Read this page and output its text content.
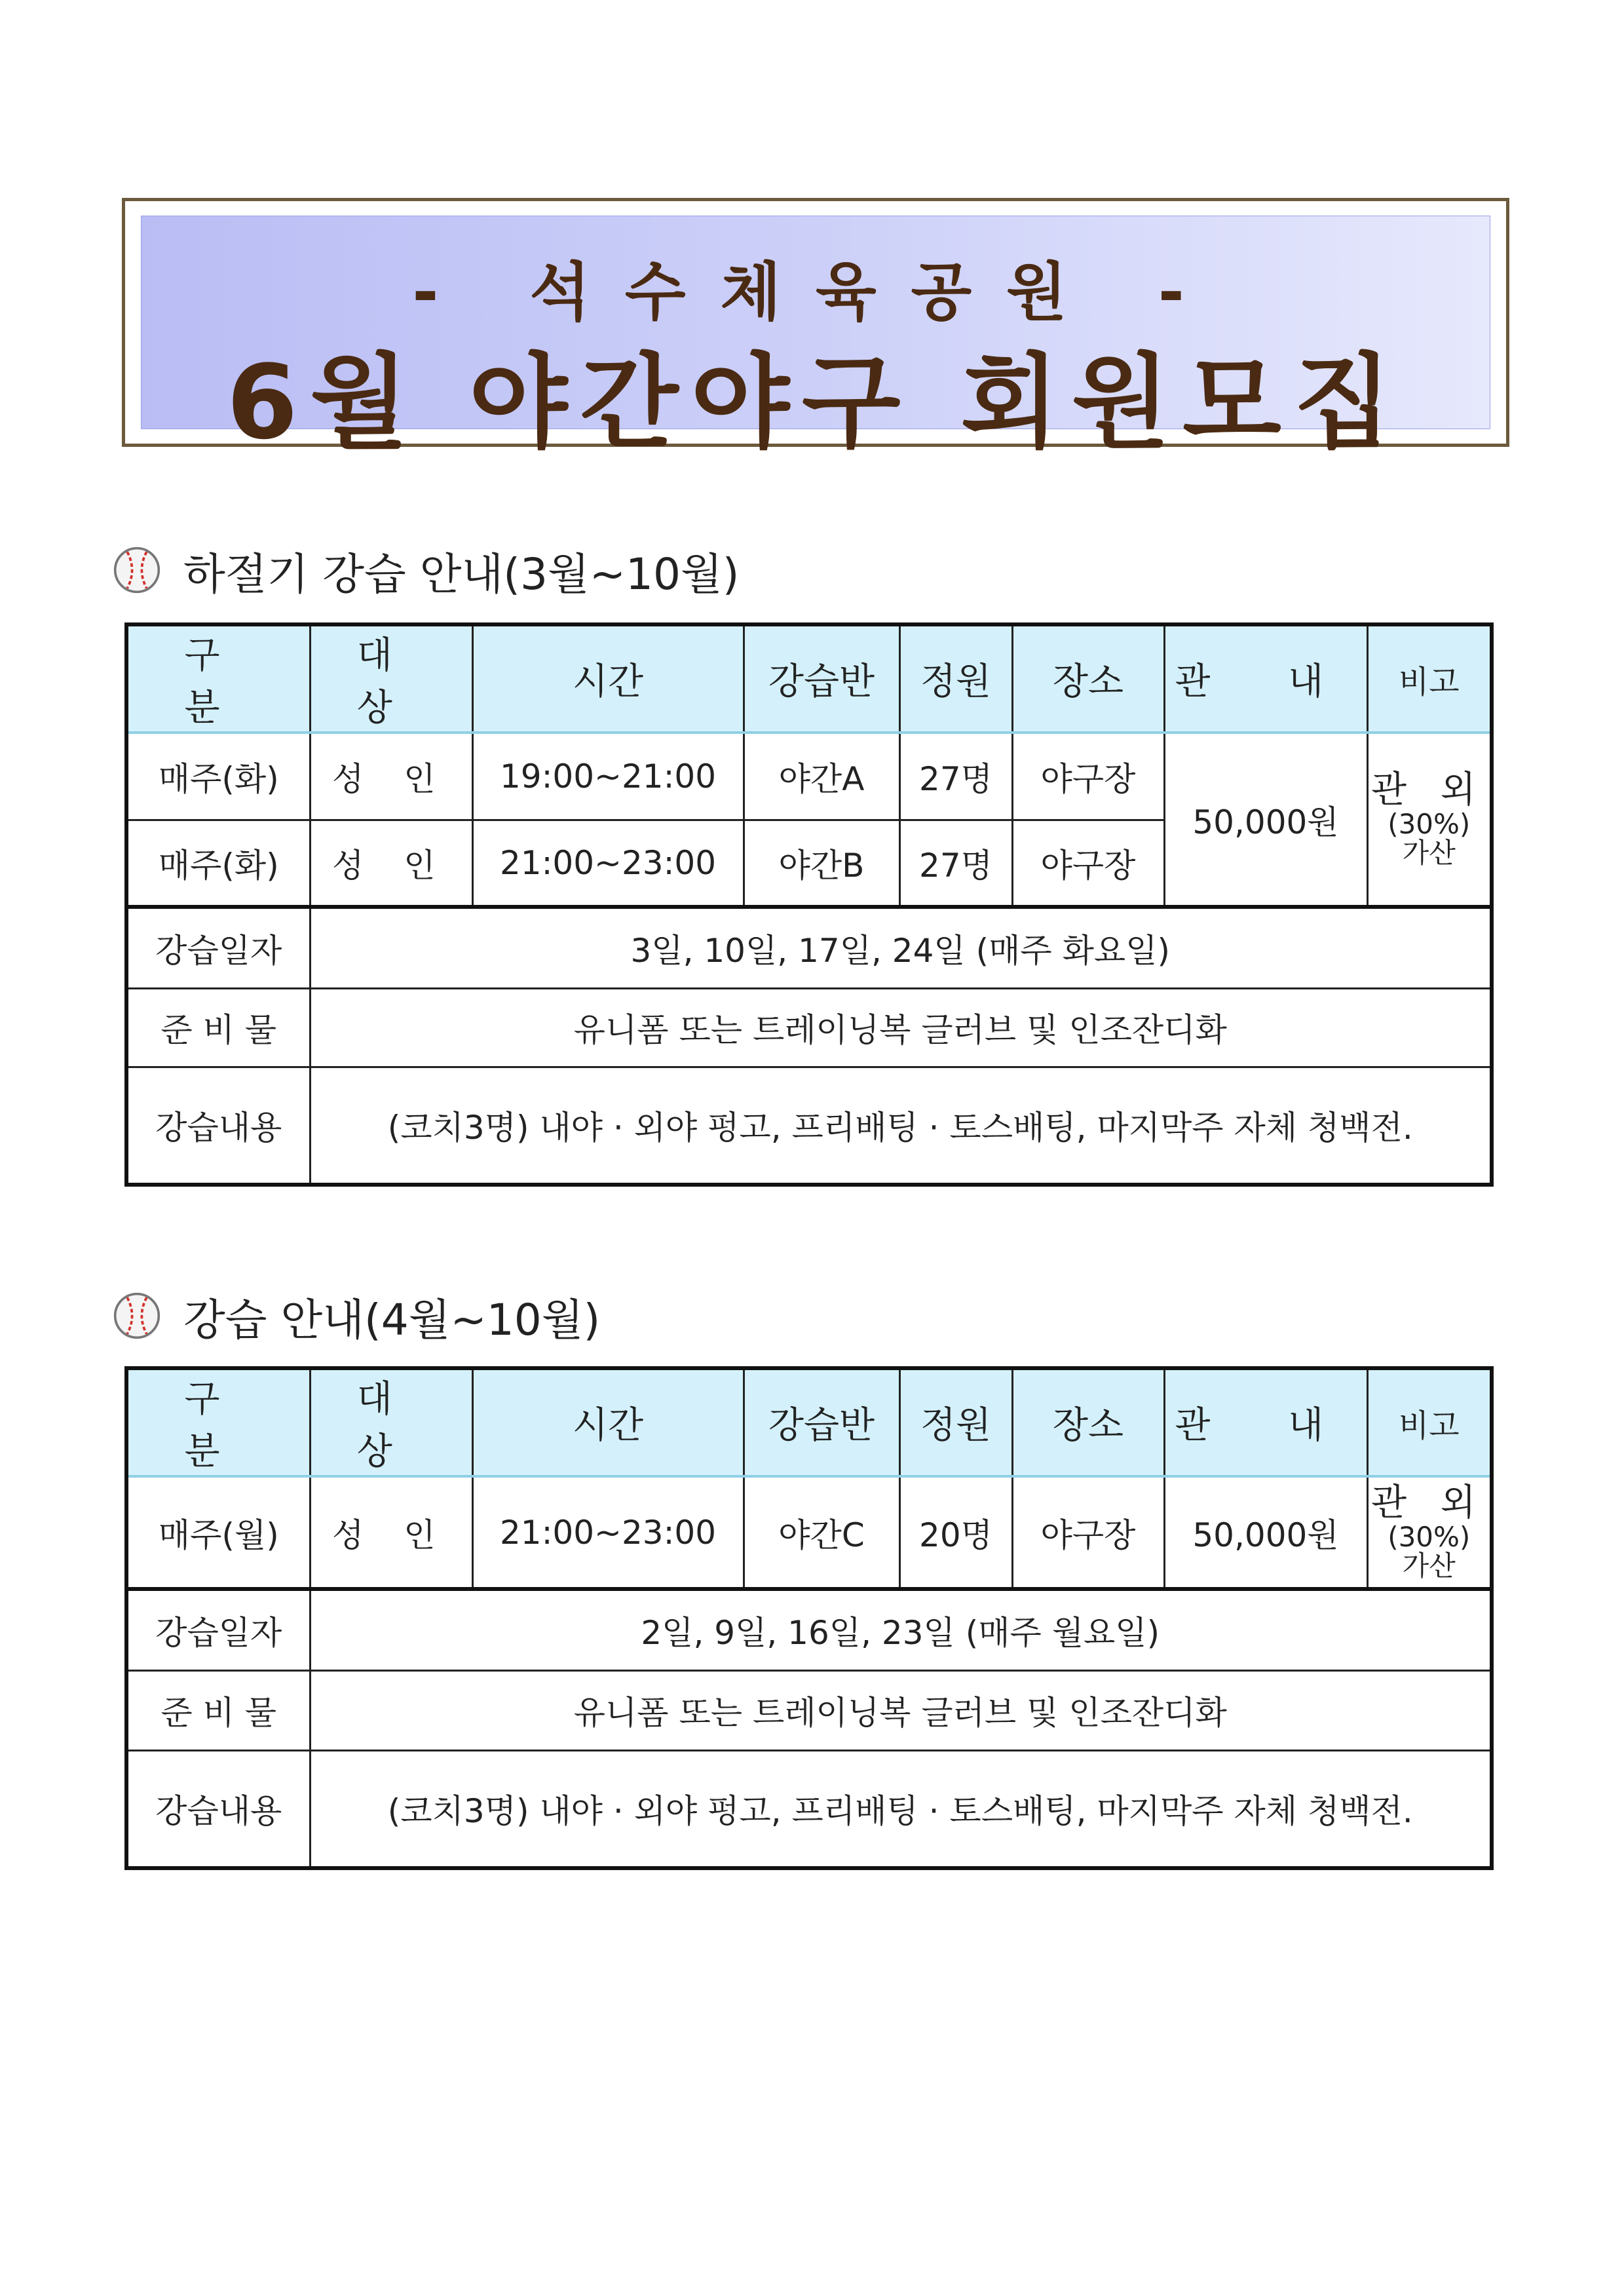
- 석수체육공원 -
6월 야간야구 회원모집
하절기 강습 안내(3월~10월)
구 분	대 상	시간	강습반	정원	장소	관 내	비고
매주(화)	성 인	19:00~21:00	야간A	27명	야구장	50,000원	관 외
(30%)
가산

매주(화)	성 인	21:00~23:00	야간B	27명	야구장		
강습일자	3일, 10일, 17일, 24일 (매주 화요일)						
준 비 물	유니폼 또는 트레이닝복 글러브 및 인조잔디화						
강습내용	(코치3명) 내야 · 외야 펑고, 프리배팅 · 토스배팅, 마지막주 자체 청백전.						
강습 안내(4월~10월)
구 분	대 상	시간	강습반	정원	장소	관 내	비고
매주(월)	성 인	21:00~23:00	야간C	20명	야구장	50,000원	관 외
(30%)
가산

강습일자	2일, 9일, 16일, 23일 (매주 월요일)						
준 비 물	유니폼 또는 트레이닝복 글러브 및 인조잔디화						
강습내용	(코치3명) 내야 · 외야 펑고, 프리배팅 · 토스배팅, 마지막주 자체 청백전.						
